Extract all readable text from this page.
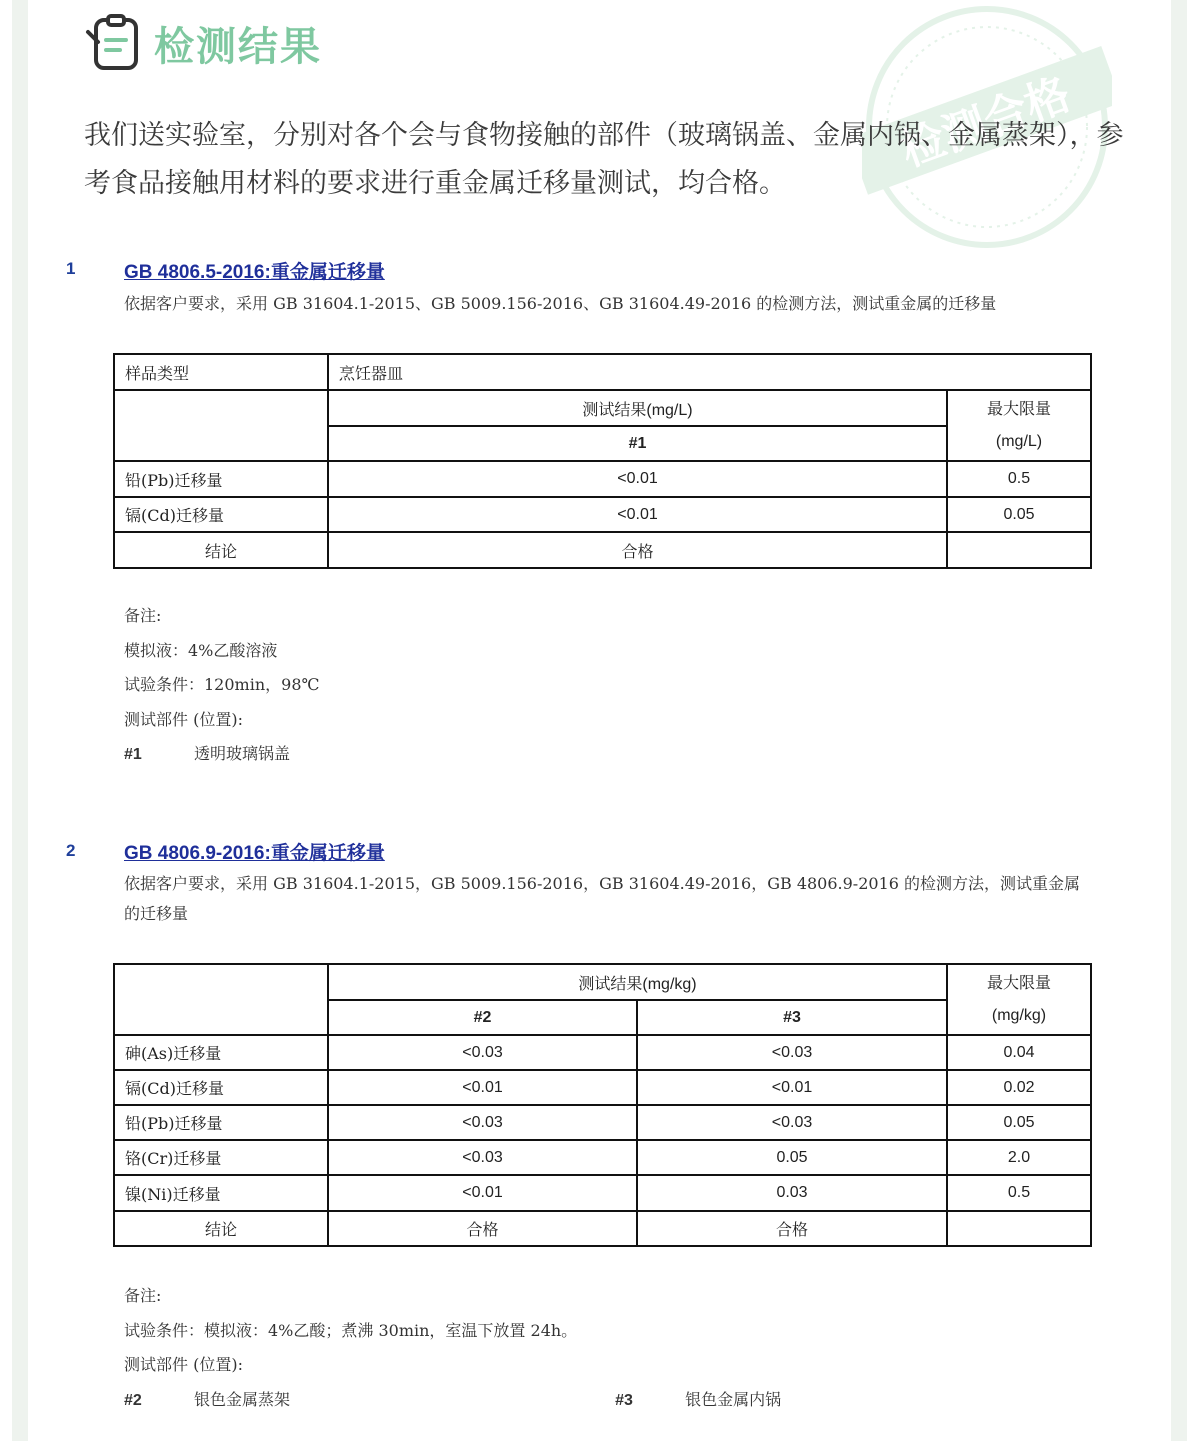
检测合格
检测结果

我们送实验室，分别对各个会与食物接触的部件（玻璃锅盖、金属内锅、金属蒸架），参考食品接触用材料的要求进行重金属迁移量测试，均合格。

1	GB 4806.5-2016:重金属迁移量

依据客户要求，采用 GB 31604.1-2015、GB 5009.156-2016、GB 31604.49-2016 的检测方法，测试重金属的迁移量

样品类型	烹饪器皿	
	测试结果(mg/L)	最大限量
(mg/L)

	#1	
铅(Pb)迁移量	<0.01	0.5
镉(Cd)迁移量	<0.01	0.05
结论	合格	
备注:
模拟液：4%乙酸溶液
试验条件：120min，98℃
测试部件 (位置):
#1	透明玻璃锅盖
2	GB 4806.9-2016:重金属迁移量

依据客户要求，采用 GB 31604.1-2015，GB 5009.156-2016，GB 31604.49-2016，GB 4806.9-2016 的检测方法，测试重金属
的迁移量

	测试结果(mg/kg)		最大限量
(mg/kg)

	#2	#3	
砷(As)迁移量	<0.03	<0.03	0.04
镉(Cd)迁移量	<0.01	<0.01	0.02
铅(Pb)迁移量	<0.03	<0.03	0.05
铬(Cr)迁移量	<0.03	0.05	2.0
镍(Ni)迁移量	<0.01	0.03	0.5
结论	合格	合格	
备注:
试验条件：模拟液：4%乙酸；煮沸 30min，室温下放置 24h。
测试部件 (位置):
#2	银色金属蒸架	#3	银色金属内锅
